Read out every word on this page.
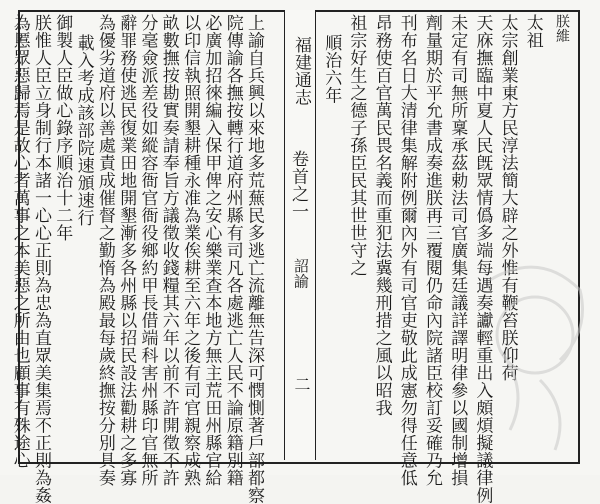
福建通志
卷首之一
詔諭
二
朕維
太祖
太宗創業東方民淳法簡大辟之外惟有鞭笞朕仰荷
天庥撫臨中夏人民旣眾情僞多端每遇奏讞輕重出入頗煩擬議律例
未定有司無所稟承茲勅法司官廣集廷議詳譯明律參以國制增損
劑量期於平允書成奏進朕再三覆閱仍命內院諸臣校訂妥確乃允
刊布名日大清律集解附例爾內外有司官吏敬此成憲勿得任意低
昂務使百官萬民畏名義而重犯法冀幾刑措之風以昭我
祖宗好生之德子孫臣民其世世守之
順治六年
上諭自兵興以來地多荒蕪民多逃亡流離無告深可憫惻著戶部都察
院傳諭各撫按轉行道府州縣有司凡各處逃亡人民不論原籍別籍
必廣加招徠編入保甲俾之安心樂業查本地方無主荒田州縣官給
以印信執照開墾耕種永准為業俟耕至六年之後有司官親察成熟
畝數撫按勘實奏請奉旨方議徵收錢糧其六年以前不許開徵不許
分毫僉派差役如縱容衙官衙役鄉約甲長借端科害州縣印官無所
辭罪務使逃民復業田地開墾漸多各州縣以招民設法勸耕之多寡
為優劣道府以善處責成催督之勤惰為殿最每歲終撫按分別具奏
載入考成該部院速頒速行
御製人臣做心錄序順治十二年
朕惟人臣立身制行本諸一心心正則為忠為直眾美集焉不正則為姦
為慝眾惡歸焉是故心者萬事之本美惡之所由也顧事有殊途心
